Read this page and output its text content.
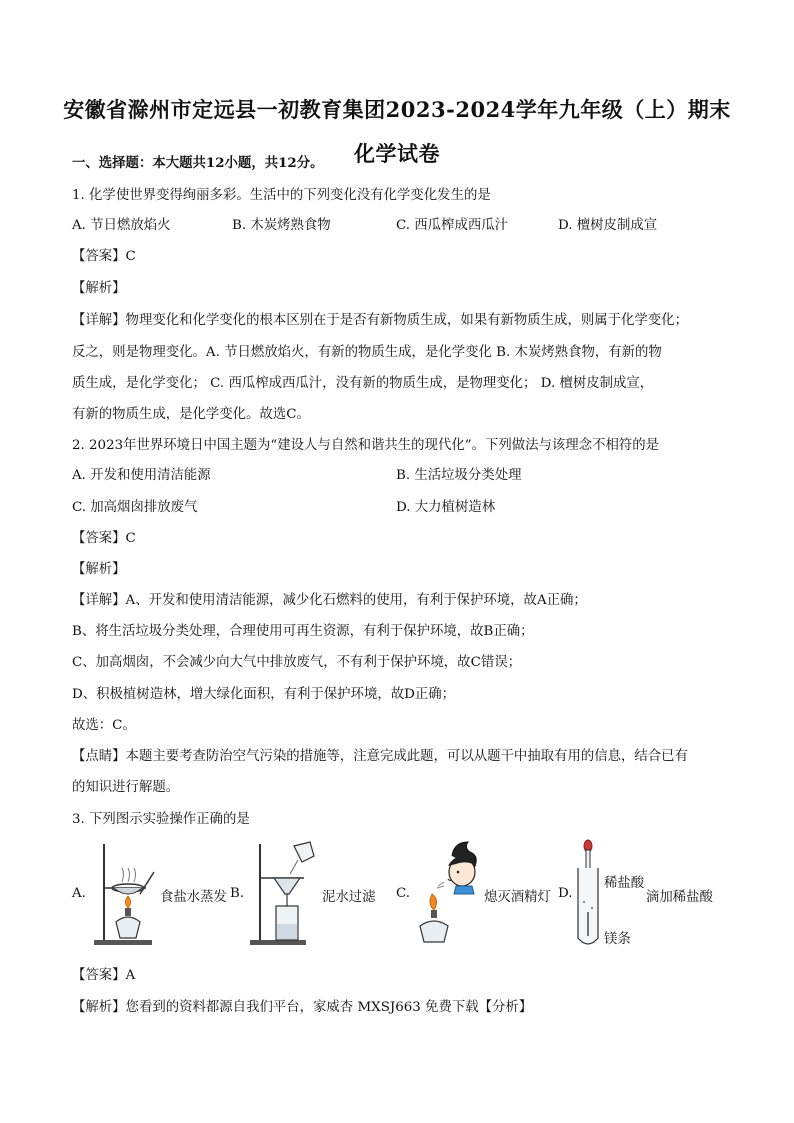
安徽省滁州市定远县一初教育集团2023-2024学年九年级（上）期末
化学试卷
一、选择题：本大题共12小题，共12分。
1. 化学使世界变得绚丽多彩。生活中的下列变化没有化学变化发生的是
A. 节日燃放焰火	B. 木炭烤熟食物	C. 西瓜榨成西瓜汁	D. 檀树皮制成宣
【答案】C
【解析】
【详解】物理变化和化学变化的根本区别在于是否有新物质生成，如果有新物质生成，则属于化学变化；
反之，则是物理变化。A. 节日燃放焰火，有新的物质生成，是化学变化 B. 木炭烤熟食物，有新的物
质生成，是化学变化； C. 西瓜榨成西瓜汁，没有新的物质生成，是物理变化； D. 檀树皮制成宣，
有新的物质生成，是化学变化。故选C。
2. 2023年世界环境日中国主题为“建设人与自然和谐共生的现代化”。下列做法与该理念不相符的是
A. 开发和使用清洁能源	B. 生活垃圾分类处理
C. 加高烟囱排放废气	D. 大力植树造林
【答案】C
【解析】
【详解】A、开发和使用清洁能源，减少化石燃料的使用，有利于保护环境，故A正确；
B、将生活垃圾分类处理，合理使用可再生资源，有利于保护环境，故B正确；
C、加高烟囱，不会减少向大气中排放废气，不有利于保护环境，故C错误；
D、积极植树造林，增大绿化面积，有利于保护环境，故D正确；
故选：C。
【点睛】本题主要考查防治空气污染的措施等，注意完成此题，可以从题干中抽取有用的信息，结合已有
的知识进行解题。
3. 下列图示实验操作正确的是
A.	食盐水蒸发 B.	泥水过滤 C.	熄灭酒精灯 D.
稀盐酸
滴加稀盐酸
镁条
【答案】A
【解析】您看到的资料都源自我们平台，家威杏 MXSJ663 免费下载【分析】
